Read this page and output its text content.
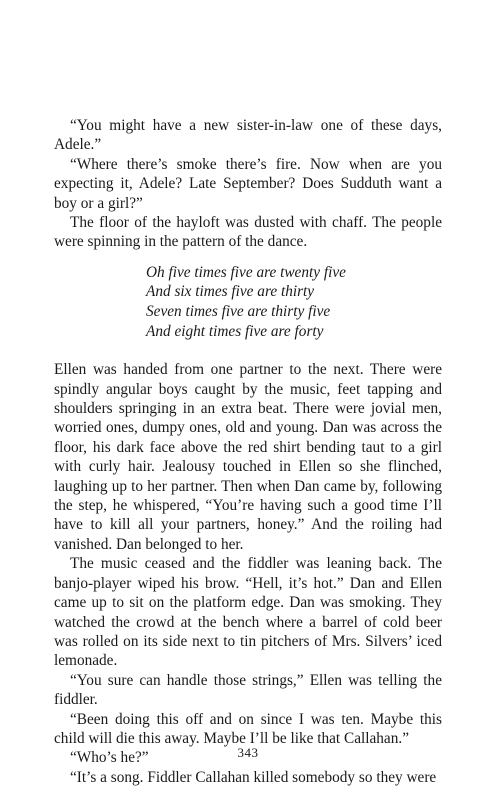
“You might have a new sister-in-law one of these days, Adele.”

“Where there’s smoke there’s fire. Now when are you expecting it, Adele? Late September? Does Sudduth want a boy or a girl?”

The floor of the hayloft was dusted with chaff. The people were spinning in the pattern of the dance.

Oh five times five are twenty five
And six times five are thirty
Seven times five are thirty five
And eight times five are forty

Ellen was handed from one partner to the next. There were spindly angular boys caught by the music, feet tapping and shoulders springing in an extra beat. There were jovial men, worried ones, dumpy ones, old and young. Dan was across the floor, his dark face above the red shirt bending taut to a girl with curly hair. Jealousy touched in Ellen so she flinched, laughing up to her partner. Then when Dan came by, following the step, he whispered, “You’re having such a good time I’ll have to kill all your partners, honey.” And the roiling had vanished. Dan belonged to her.

The music ceased and the fiddler was leaning back. The banjo-player wiped his brow. “Hell, it’s hot.” Dan and Ellen came up to sit on the platform edge. Dan was smoking. They watched the crowd at the bench where a barrel of cold beer was rolled on its side next to tin pitchers of Mrs. Silvers’ iced lemonade.

“You sure can handle those strings,” Ellen was telling the fiddler.

“Been doing this off and on since I was ten. Maybe this child will die this away. Maybe I’ll be like that Callahan.”

“Who’s he?”

“It’s a song. Fiddler Callahan killed somebody so they were

343
